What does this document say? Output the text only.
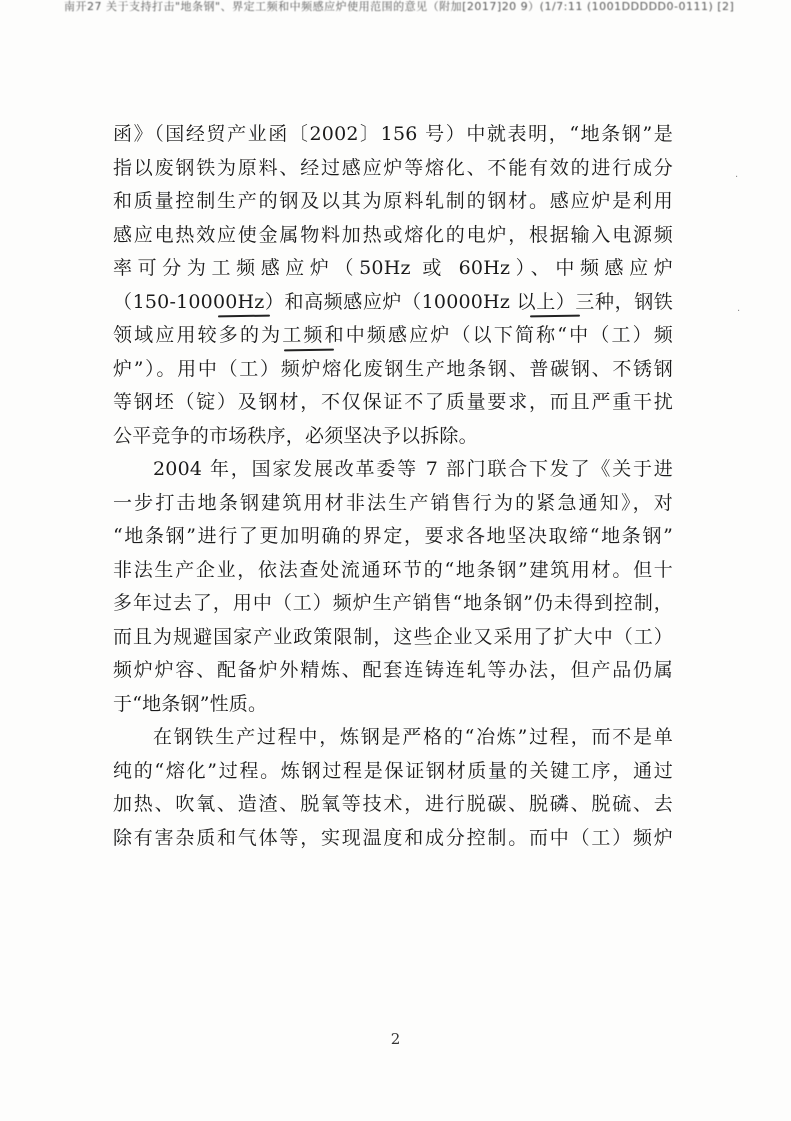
南开27 关于支持打击"地条钢"、界定工频和中频感应炉使用范围的意见（附加[2017]20 9）(1/7:11 (1001DDDDD0-0111) [2]
函》（国经贸产业函〔2002〕156 号）中就表明，“地条钢”是
指以废钢铁为原料、经过感应炉等熔化、不能有效的进行成分
和质量控制生产的钢及以其为原料轧制的钢材。感应炉是利用
感应电热效应使金属物料加热或熔化的电炉，根据输入电源频
率可分为工频感应炉（50Hz 或 60Hz）、中频感应炉
（150-10000Hz）和高频感应炉（10000Hz 以上）三种，钢铁
领域应用较多的为工频和中频感应炉（以下简称“中（工）频
炉”）。用中（工）频炉熔化废钢生产地条钢、普碳钢、不锈钢
等钢坯（锭）及钢材，不仅保证不了质量要求，而且严重干扰
公平竞争的市场秩序，必须坚决予以拆除。
2004 年，国家发展改革委等 7 部门联合下发了《关于进
一步打击地条钢建筑用材非法生产销售行为的紧急通知》，对
“地条钢”进行了更加明确的界定，要求各地坚决取缔“地条钢”
非法生产企业，依法查处流通环节的“地条钢”建筑用材。但十
多年过去了，用中（工）频炉生产销售“地条钢”仍未得到控制，
而且为规避国家产业政策限制，这些企业又采用了扩大中（工）
频炉炉容、配备炉外精炼、配套连铸连轧等办法，但产品仍属
于“地条钢”性质。
在钢铁生产过程中，炼钢是严格的“冶炼”过程，而不是单
纯的“熔化”过程。炼钢过程是保证钢材质量的关键工序，通过
加热、吹氧、造渣、脱氧等技术，进行脱碳、脱磷、脱硫、去
除有害杂质和气体等，实现温度和成分控制。而中（工）频炉
·
·
2
